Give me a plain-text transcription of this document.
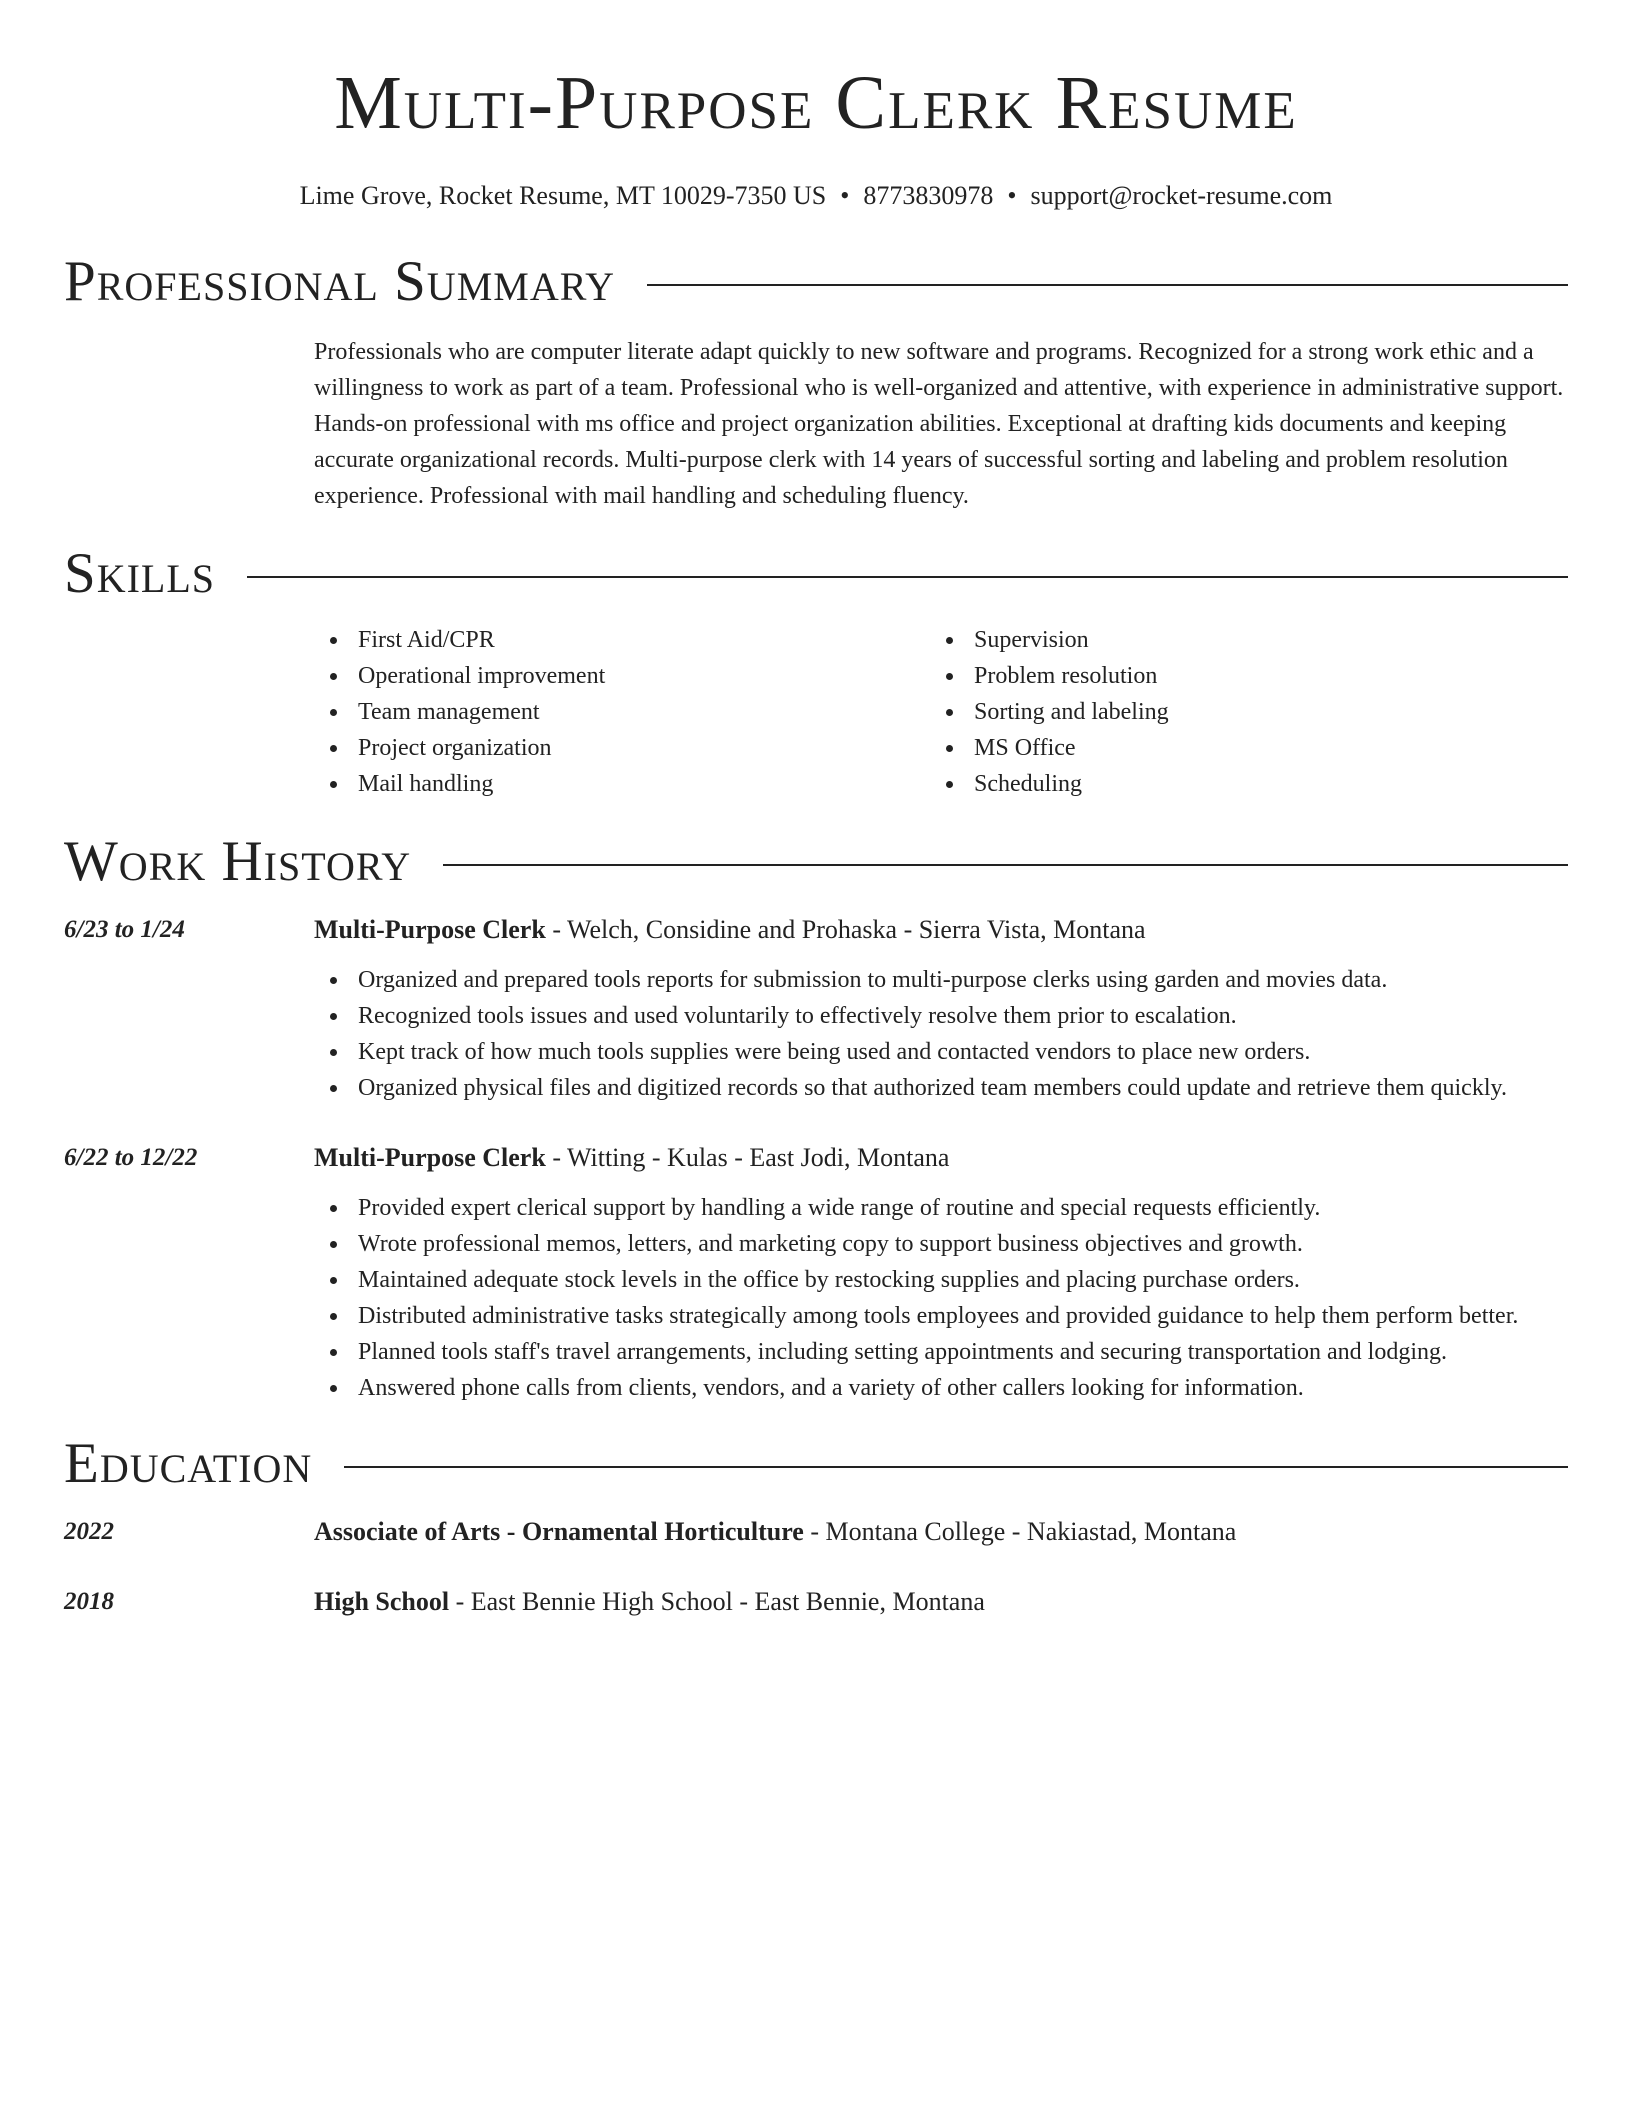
Multi-Purpose Clerk Resume
Lime Grove, Rocket Resume, MT 10029-7350 US • 8773830978 • support@rocket-resume.com
Professional Summary

Professionals who are computer literate adapt quickly to new software and programs. Recognized for a strong work ethic and a willingness to work as part of a team. Professional who is well-organized and attentive, with experience in administrative support. Hands-on professional with ms office and project organization abilities. Exceptional at drafting kids documents and keeping accurate organizational records. Multi-purpose clerk with 14 years of successful sorting and labeling and problem resolution experience. Professional with mail handling and scheduling fluency.

Skills
First Aid/CPR
Operational improvement
Team management
Project organization
Mail handling
Supervision
Problem resolution
Sorting and labeling
MS Office
Scheduling
Work History
6/23 to 1/24	Multi-Purpose Clerk - Welch, Considine and Prohaska - Sierra Vista, Montana
Organized and prepared tools reports for submission to multi-purpose clerks using garden and movies data.
Recognized tools issues and used voluntarily to effectively resolve them prior to escalation.
Kept track of how much tools supplies were being used and contacted vendors to place new orders.
Organized physical files and digitized records so that authorized team members could update and retrieve them quickly.
6/22 to 12/22	Multi-Purpose Clerk - Witting - Kulas - East Jodi, Montana
Provided expert clerical support by handling a wide range of routine and special requests efficiently.
Wrote professional memos, letters, and marketing copy to support business objectives and growth.
Maintained adequate stock levels in the office by restocking supplies and placing purchase orders.
Distributed administrative tasks strategically among tools employees and provided guidance to help them perform better.
Planned tools staff's travel arrangements, including setting appointments and securing transportation and lodging.
Answered phone calls from clients, vendors, and a variety of other callers looking for information.
Education
2022	Associate of Arts - Ornamental Horticulture - Montana College - Nakiastad, Montana
2018	High School - East Bennie High School - East Bennie, Montana
